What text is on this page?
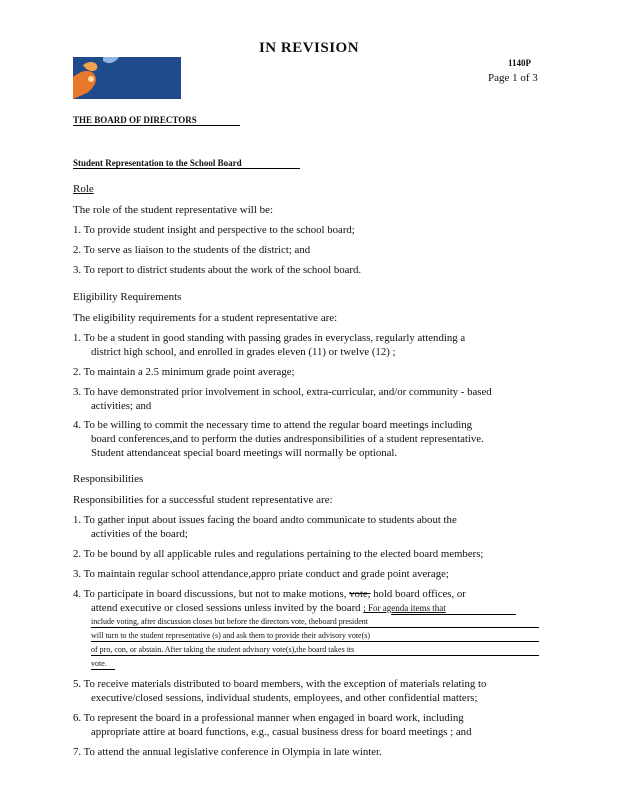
IN REVISION
1140P
Page 1 of 3
THE BOARD OF DIRECTORS
Student Representation to the School Board
Role
The role of the student representative will be:
1. To provide student insight and perspective to the school board;
2. To serve as liaison to the students of the district; and
3. To report to district students about the work of the school board.
Eligibility Requirements
The eligibility requirements for a student representative are:
1. To be a student in good standing with passing grades in everyclass, regularly attending a
district high school, and enrolled in grades eleven (11) or twelve (12) ;
2. To maintain a 2.5 minimum grade point average;
3. To have demonstrated prior involvement in school, extra-curricular, and/or community - based
activities; and
4. To be willing to commit the necessary time to attend the regular board meetings including
board conferences,and to perform the duties andresponsibilities of a student representative.
Student attendanceat special board meetings will normally be optional.
Responsibilities
Responsibilities for a successful student representative are:
1. To gather input about issues facing the board andto communicate to students about the
activities of the board;
2. To be bound by all applicable rules and regulations pertaining to the elected board members;
3. To maintain regular school attendance,appro priate conduct and grade point average;
4. To participate in board discussions, but not to make motions, vote, hold board offices, or
attend executive or closed sessions unless invited by the board ; For agenda items that
include voting, after discussion closes but before the directors vote, theboard president
will turn to the student representative (s) and ask them to provide their advisory vote(s)
of pro, con, or abstain. After taking the student advisory vote(s),the board takes its
vote.
5. To receive materials distributed to board members, with the exception of materials relating to
executive/closed sessions, individual students, employees, and other confidential matters;
6. To represent the board in a professional manner when engaged in board work, including
appropriate attire at board functions, e.g., casual business dress for board meetings ; and
7. To attend the annual legislative conference in Olympia in late winter.
